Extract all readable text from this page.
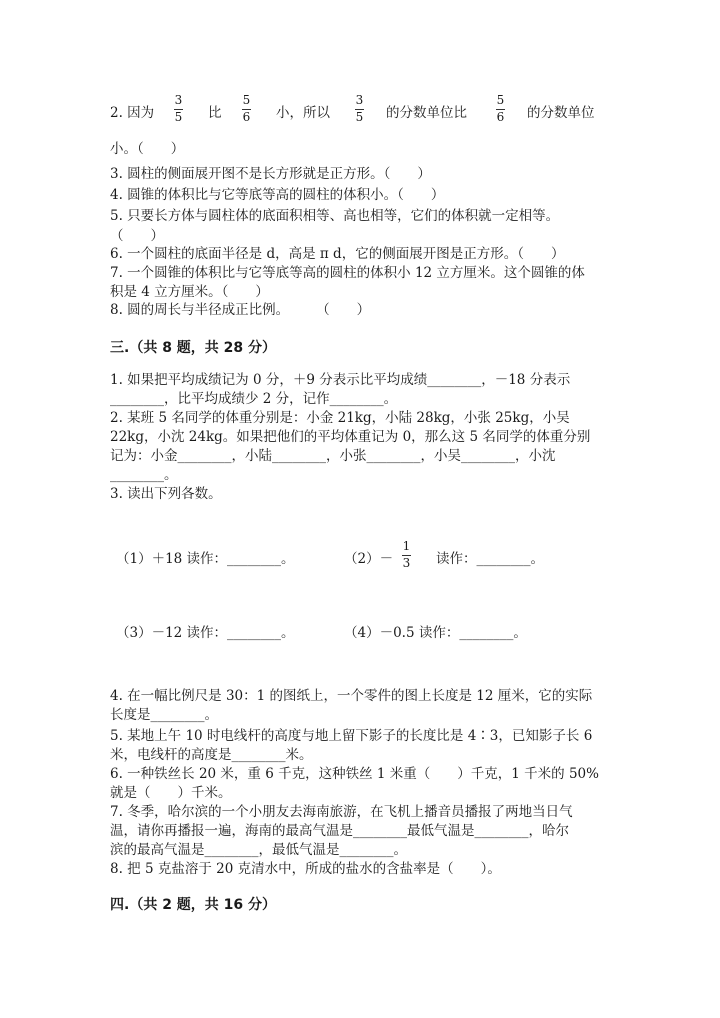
2. 因为
3
5 比
5
6 小，所以
3
5 的分数单位比
5
6 的分数单位
小。（　　）
3. 圆柱的侧面展开图不是长方形就是正方形。（　　）
4. 圆锥的体积比与它等底等高的圆柱的体积小。（　　）
5. 只要长方体与圆柱体的底面积相等、高也相等，它们的体积就一定相等。
（　　）
6. 一个圆柱的底面半径是 d，高是 π d，它的侧面展开图是正方形。（　　）
7. 一个圆锥的体积比与它等底等高的圆柱的体积小 12 立方厘米。这个圆锥的体
积是 4 立方厘米。（　　）
8. 圆的周长与半径成正比例。　　　（　　）
三.（共 8 题，共 28 分）
1. 如果把平均成绩记为 0 分，＋9 分表示比平均成绩________，－18 分表示
________，比平均成绩少 2 分，记作________。
2. 某班 5 名同学的体重分别是：小金 21kg，小陆 28kg，小张 25kg，小吴
22kg，小沈 24kg。如果把他们的平均体重记为 0，那么这 5 名同学的体重分别
记为：小金________，小陆________，小张________，小吴________，小沈
________。
3. 读出下列各数。
（1）＋18 读作：________。	（2）－
1
3 读作：________。
（3）－12 读作：________。	（4）－0.5 读作：________。
4. 在一幅比例尺是 30：1 的图纸上，一个零件的图上长度是 12 厘米，它的实际
长度是________。
5. 某地上午 10 时电线杆的高度与地上留下影子的长度比是 4∶3，已知影子长 6
米，电线杆的高度是________米。
6. 一种铁丝长 20 米，重 6 千克，这种铁丝 1 米重（　　）千克，1 千米的 50%
就是（　　）千米。
7. 冬季，哈尔滨的一个小朋友去海南旅游，在飞机上播音员播报了两地当日气
温，请你再播报一遍，海南的最高气温是________最低气温是________，哈尔
滨的最高气温是________，最低气温是________。
8. 把 5 克盐溶于 20 克清水中，所成的盐水的含盐率是（　　）。
四.（共 2 题，共 16 分）
